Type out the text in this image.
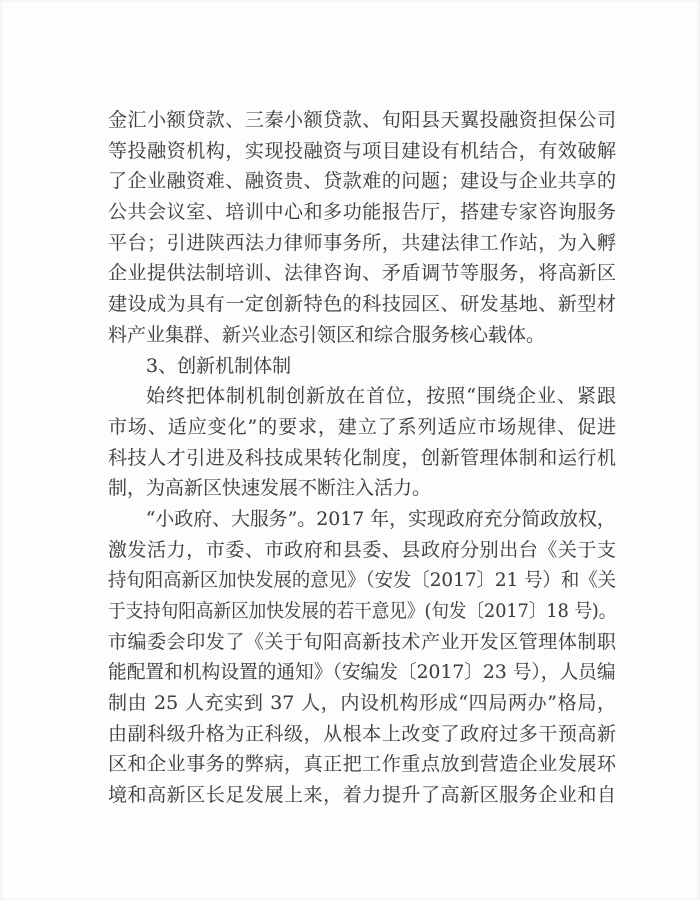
金汇小额贷款、三秦小额贷款、旬阳县天翼投融资担保公司
等投融资机构，实现投融资与项目建设有机结合，有效破解
了企业融资难、融资贵、贷款难的问题；建设与企业共享的
公共会议室、培训中心和多功能报告厅，搭建专家咨询服务
平台；引进陕西法力律师事务所，共建法律工作站，为入孵
企业提供法制培训、法律咨询、矛盾调节等服务，将高新区
建设成为具有一定创新特色的科技园区、研发基地、新型材
料产业集群、新兴业态引领区和综合服务核心载体。
3、创新机制体制
始终把体制机制创新放在首位，按照“围绕企业、紧跟
市场、适应变化”的要求，建立了系列适应市场规律、促进
科技人才引进及科技成果转化制度，创新管理体制和运行机
制，为高新区快速发展不断注入活力。
“小政府、大服务”。2017 年，实现政府充分简政放权，
激发活力，市委、市政府和县委、县政府分别出台《关于支
持旬阳高新区加快发展的意见》（安发〔2017〕21 号）和《关
于支持旬阳高新区加快发展的若干意见》(旬发〔2017〕18 号)。
市编委会印发了《关于旬阳高新技术产业开发区管理体制职
能配置和机构设置的通知》（安编发〔2017〕23 号），人员编
制由 25 人充实到 37 人，内设机构形成“四局两办”格局，
由副科级升格为正科级，从根本上改变了政府过多干预高新
区和企业事务的弊病，真正把工作重点放到营造企业发展环
境和高新区长足发展上来，着力提升了高新区服务企业和自
